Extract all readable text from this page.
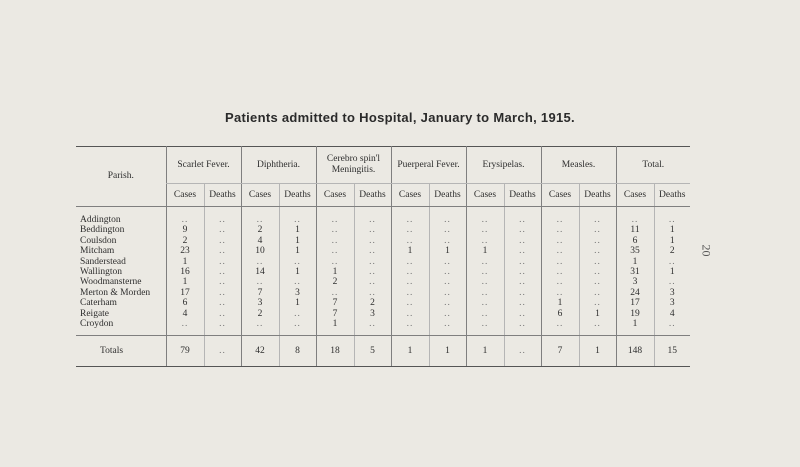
Patients admitted to Hospital, January to March, 1915.
20
Parish.	Scarlet Fever.		Diphtheria.		Cerebro spin'l Meningitis.		Puerperal Fever.		Erysipelas.		Measles.		Total.	
	Cases	Deaths	Cases	Deaths	Cases	Deaths	Cases	Deaths	Cases	Deaths	Cases	Deaths	Cases	Deaths
Addington	..	..	..	..	..	..	..	..	..	..	..	..	..	..
Beddington	9	..	2	1	..	..	..	..	..	..	..	..	11	1
Coulsdon	2	..	4	1	..	..	..	..	..	..	..	..	6	1
Mitcham	23	..	10	1	..	..	1	1	1	..	..	..	35	2
Sanderstead	1	..	..	..	..	..	..	..	..	..	..	..	1	..
Wallington	16	..	14	1	1	..	..	..	..	..	..	..	31	1
Woodmansterne	1	..	..	..	2	..	..	..	..	..	..	..	3	..
Merton & Morden	17	..	7	3	..	..	..	..	..	..	..	..	24	3
Caterham	6	..	3	1	7	2	..	..	..	..	1	..	17	3
Reigate	4	..	2	..	7	3	..	..	..	..	6	1	19	4
Croydon	..	..	..	..	1	..	..	..	..	..	..	..	1	..
Totals	79	..	42	8	18	5	1	1	1	..	7	1	148	15
